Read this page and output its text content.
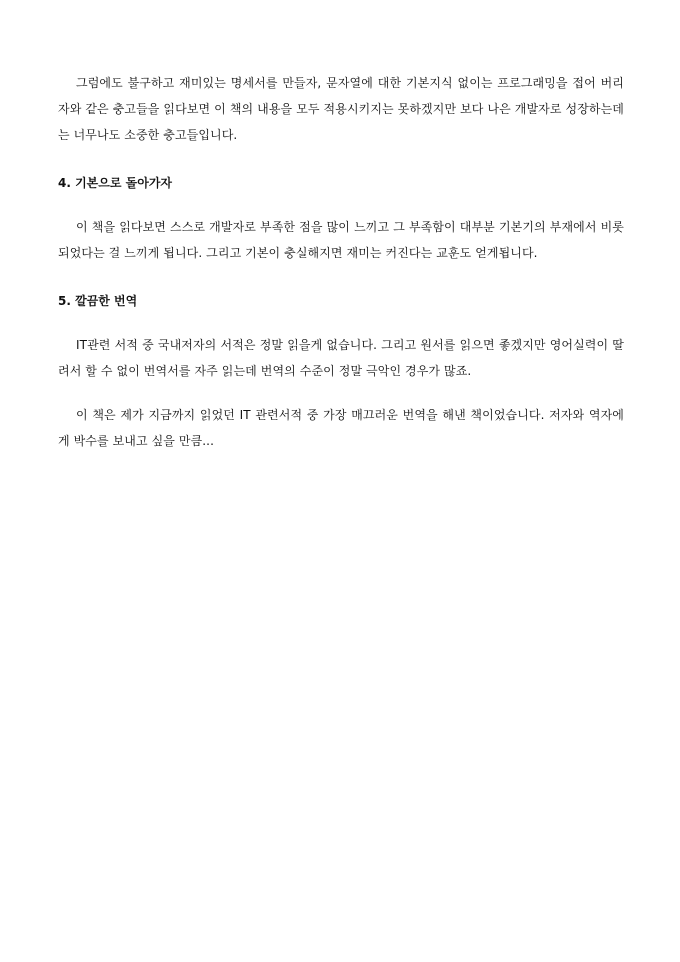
그럼에도 불구하고 재미있는 명세서를 만들자, 문자열에 대한 기본지식 없이는 프로그래밍을 접어 버리자와 같은 충고들을 읽다보면 이 책의 내용을 모두 적용시키지는 못하겠지만 보다 나은 개발자로 성장하는데는 너무나도 소중한 충고들입니다.

4. 기본으로 돌아가자

이 책을 읽다보면 스스로 개발자로 부족한 점을 많이 느끼고 그 부족함이 대부분 기본기의 부재에서 비롯되었다는 걸 느끼게 됩니다. 그리고 기본이 충실해지면 재미는 커진다는 교훈도 얻게됩니다.

5. 깔끔한 번역

IT관련 서적 중 국내저자의 서적은 정말 읽을게 없습니다. 그리고 원서를 읽으면 좋겠지만 영어실력이 딸려서 할 수 없이 번역서를 자주 읽는데 번역의 수준이 정말 극악인 경우가 많죠.

이 책은 제가 지금까지 읽었던 IT 관련서적 중 가장 매끄러운 번역을 해낸 책이었습니다. 저자와 역자에게 박수를 보내고 싶을 만큼...
